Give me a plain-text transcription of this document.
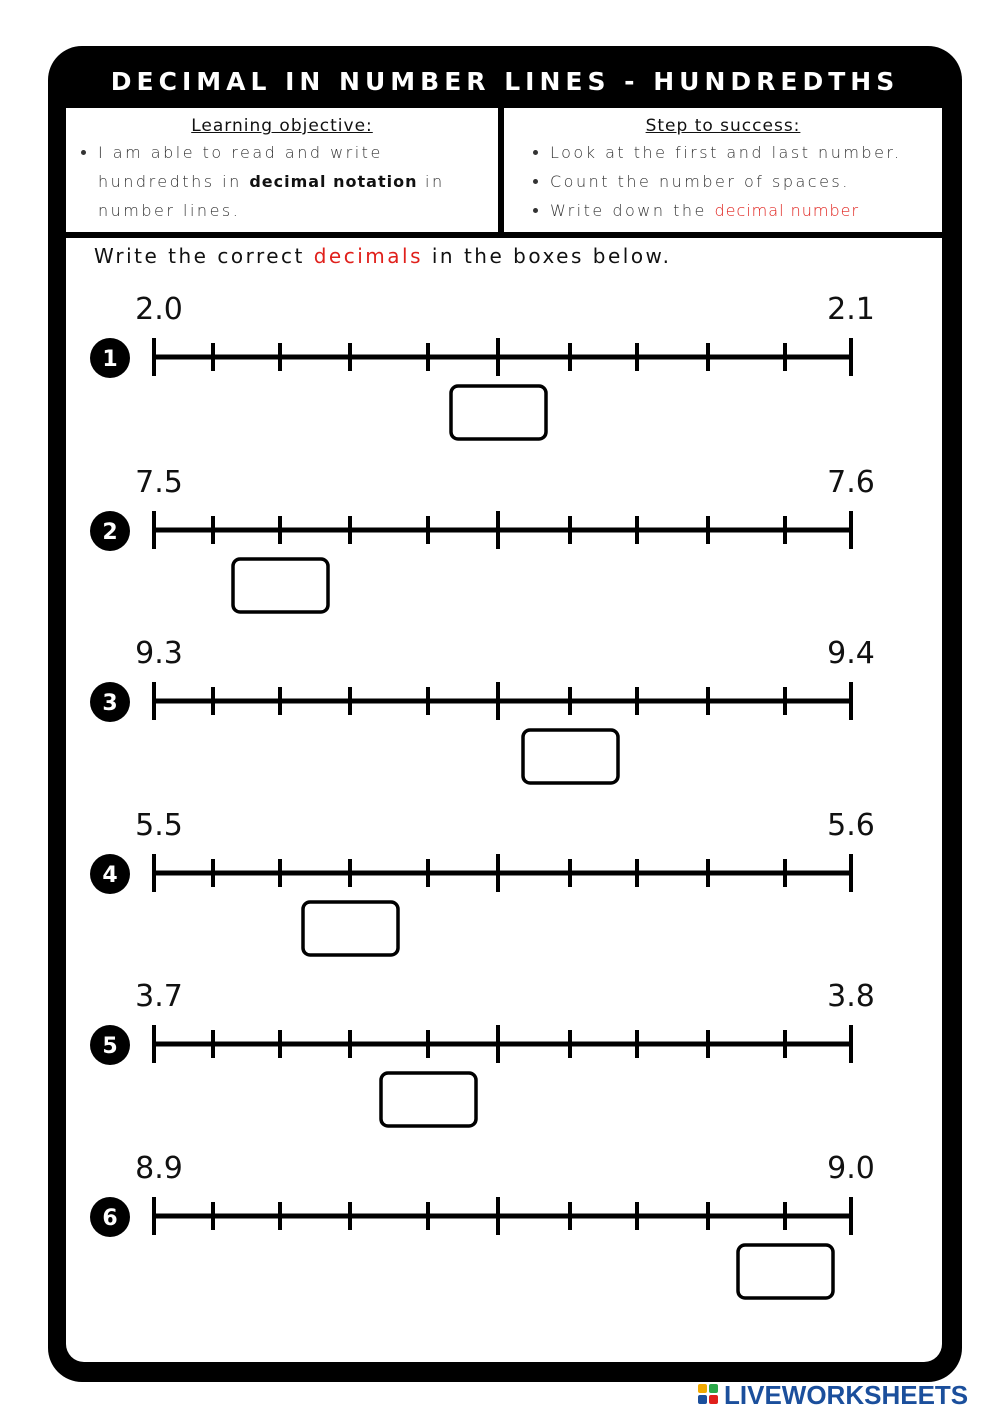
DECIMAL IN NUMBER LINES - HUNDREDTHS
Learning objective:
• I am able to read and write hundredths in decimal notation in number lines.
Step to success:
• Look at the first and last number.
• Count the number of spaces.
• Write down the decimal number
Write the correct decimals in the boxes below.
1
2.0	2.1
2
7.5	7.6
3
9.3	9.4
4
5.5	5.6
5
3.7	3.8
6
8.9	9.0
LIVEWORKSHEETS
